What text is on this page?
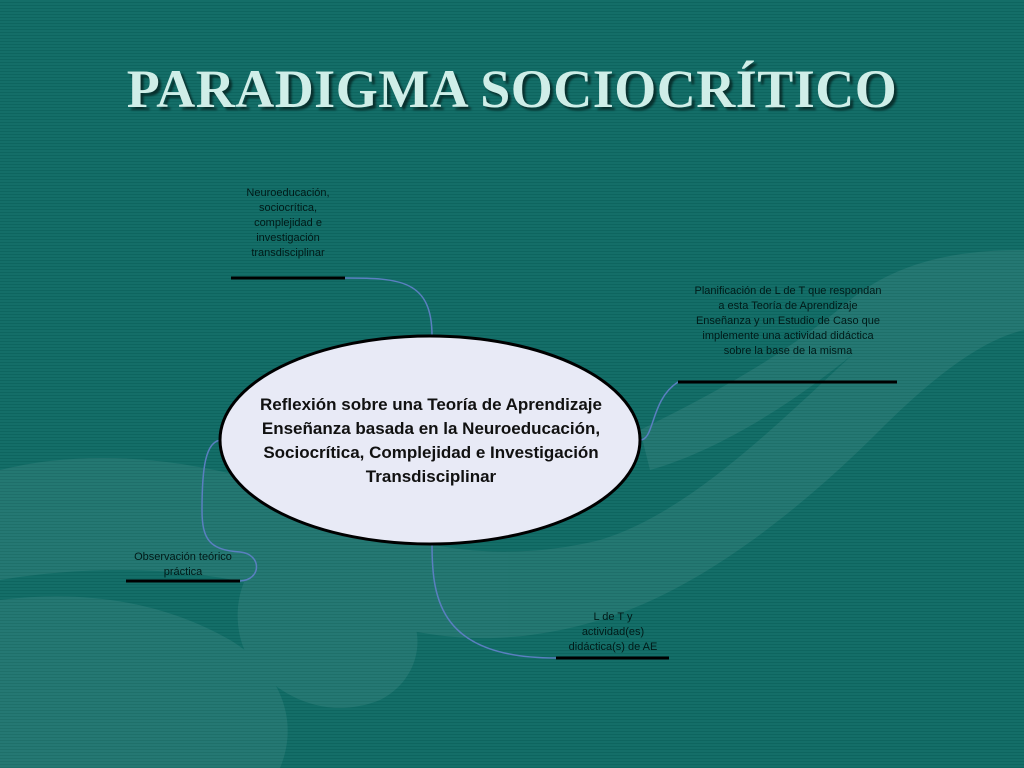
PARADIGMA SOCIOCRÍTICO
Reflexión sobre una Teoría de Aprendizaje
Enseñanza basada en la Neuroeducación,
Sociocrítica, Complejidad e Investigación
Transdisciplinar
Neuroeducación,
sociocrítica,
complejidad e
investigación
transdisciplinar
Planificación de L de T que respondan
a esta Teoría de Aprendizaje
Enseñanza y un Estudio de Caso que
implemente una actividad didáctica
sobre la base de la misma
Observación teórico
práctica
L de T y
actividad(es)
didáctica(s) de AE
